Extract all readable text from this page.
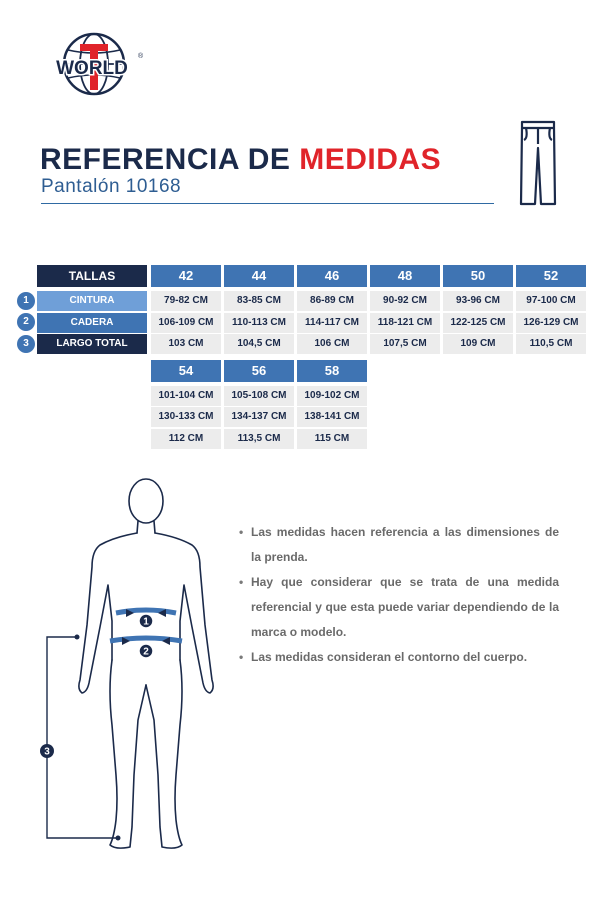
WORLD
®
REFERENCIA DE MEDIDAS
Pantalón 10168
TALLAS
CINTURA
CADERA
LARGO TOTAL
1
2
3
42
79-82 CM
106-109 CM
103 CM
44
83-85 CM
110-113 CM
104,5 CM
46
86-89 CM
114-117 CM
106 CM
48
90-92 CM
118-121 CM
107,5 CM
50
93-96 CM
122-125 CM
109 CM
52
97-100 CM
126-129 CM
110,5 CM
54
101-104 CM
130-133 CM
112 CM
56
105-108 CM
134-137 CM
113,5 CM
58
109-102 CM
138-141 CM
115 CM
1
2
3
• Las medidas hacen referencia a las dimensiones de la prenda.
• Hay que considerar que se trata de una medida referencial y que esta puede variar dependiendo de la marca o modelo.
• Las medidas consideran el contorno del cuerpo.
